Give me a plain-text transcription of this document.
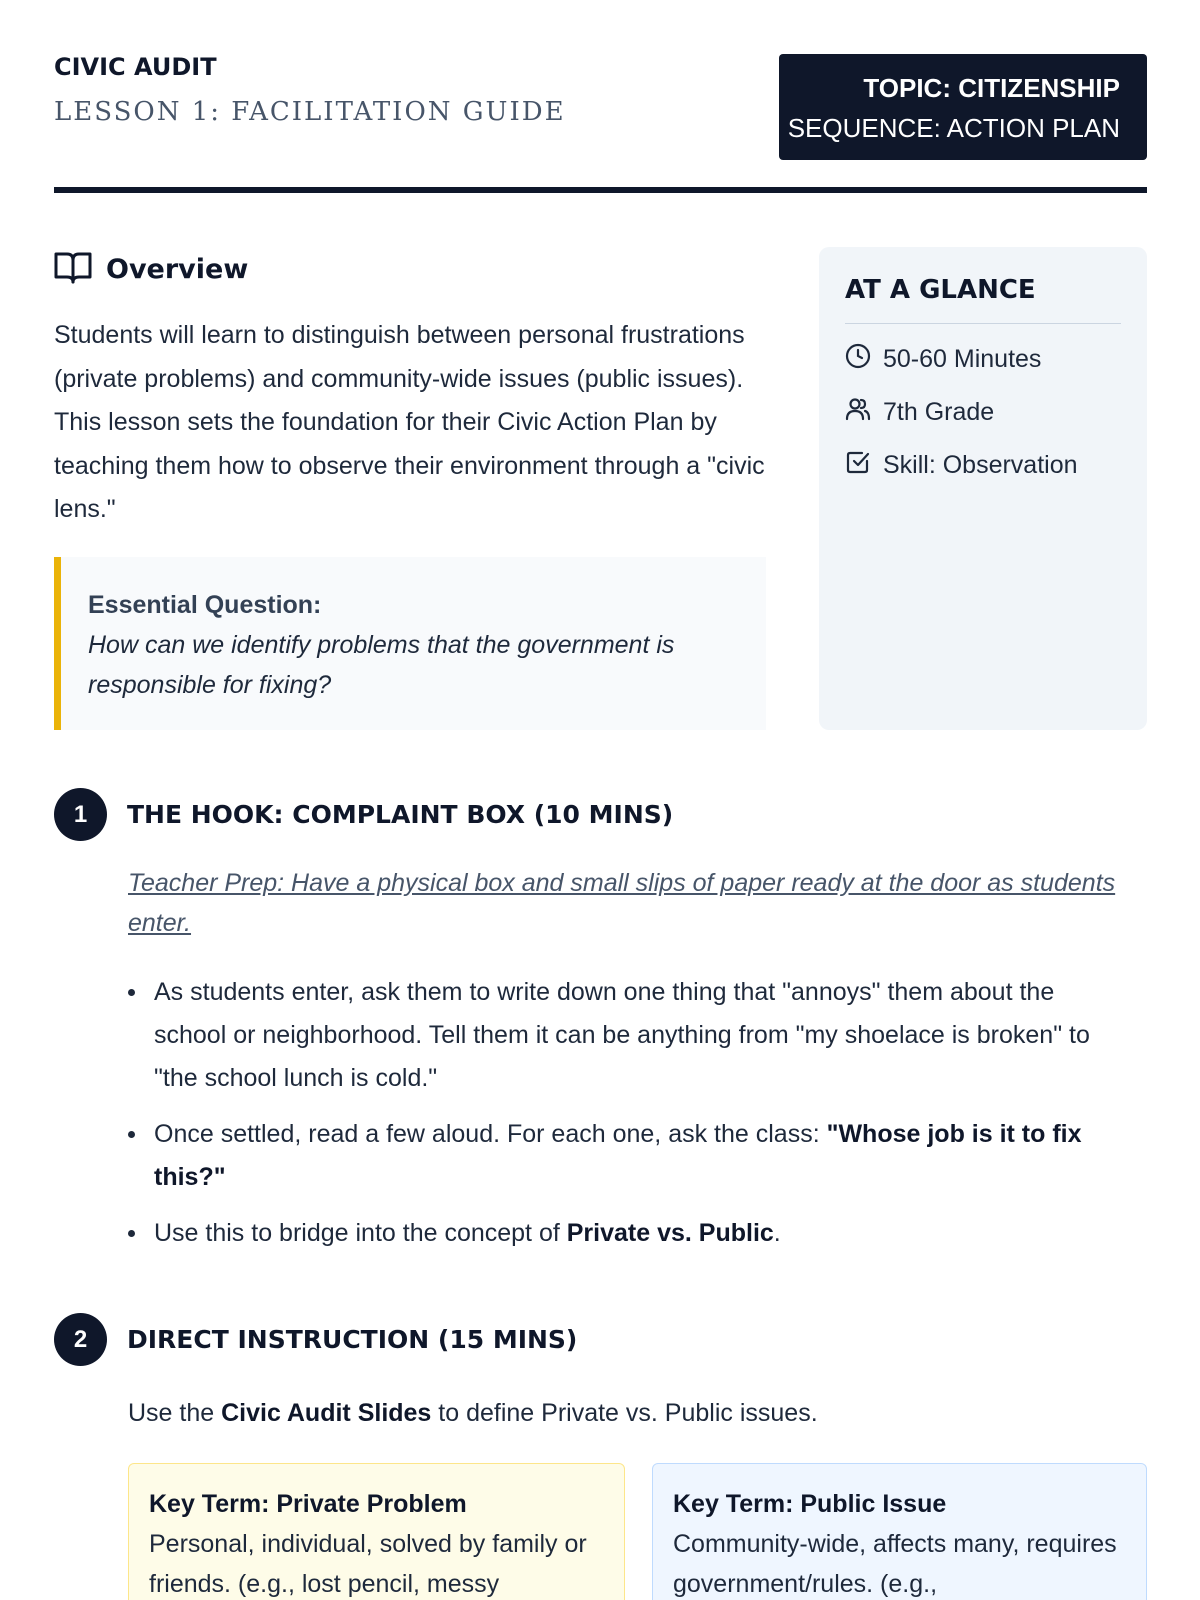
CIVIC AUDIT
LESSON 1: FACILITATION GUIDE
TOPIC: CITIZENSHIP
SEQUENCE: ACTION PLAN
Overview

Students will learn to distinguish between personal frustrations (private problems) and community-wide issues (public issues). This lesson sets the foundation for their Civic Action Plan by teaching them how to observe their environment through a "civic lens."

Essential Question:
How can we identify problems that the government is responsible for fixing?
AT A GLANCE
50-60 Minutes
7th Grade
Skill: Observation
1	THE HOOK: COMPLAINT BOX (10 MINS)

Teacher Prep: Have a physical box and small slips of paper ready at the door as students enter.

As students enter, ask them to write down one thing that "annoys" them about the school or neighborhood. Tell them it can be anything from "my shoelace is broken" to "the school lunch is cold."
Once settled, read a few aloud. For each one, ask the class: "Whose job is it to fix this?"
Use this to bridge into the concept of Private vs. Public.
2	DIRECT INSTRUCTION (15 MINS)

Use the Civic Audit Slides to define Private vs. Public issues.

Key Term: Private Problem
Personal, individual, solved by family or friends. (e.g., lost pencil, messy
Key Term: Public Issue
Community-wide, affects many, requires government/rules. (e.g.,
